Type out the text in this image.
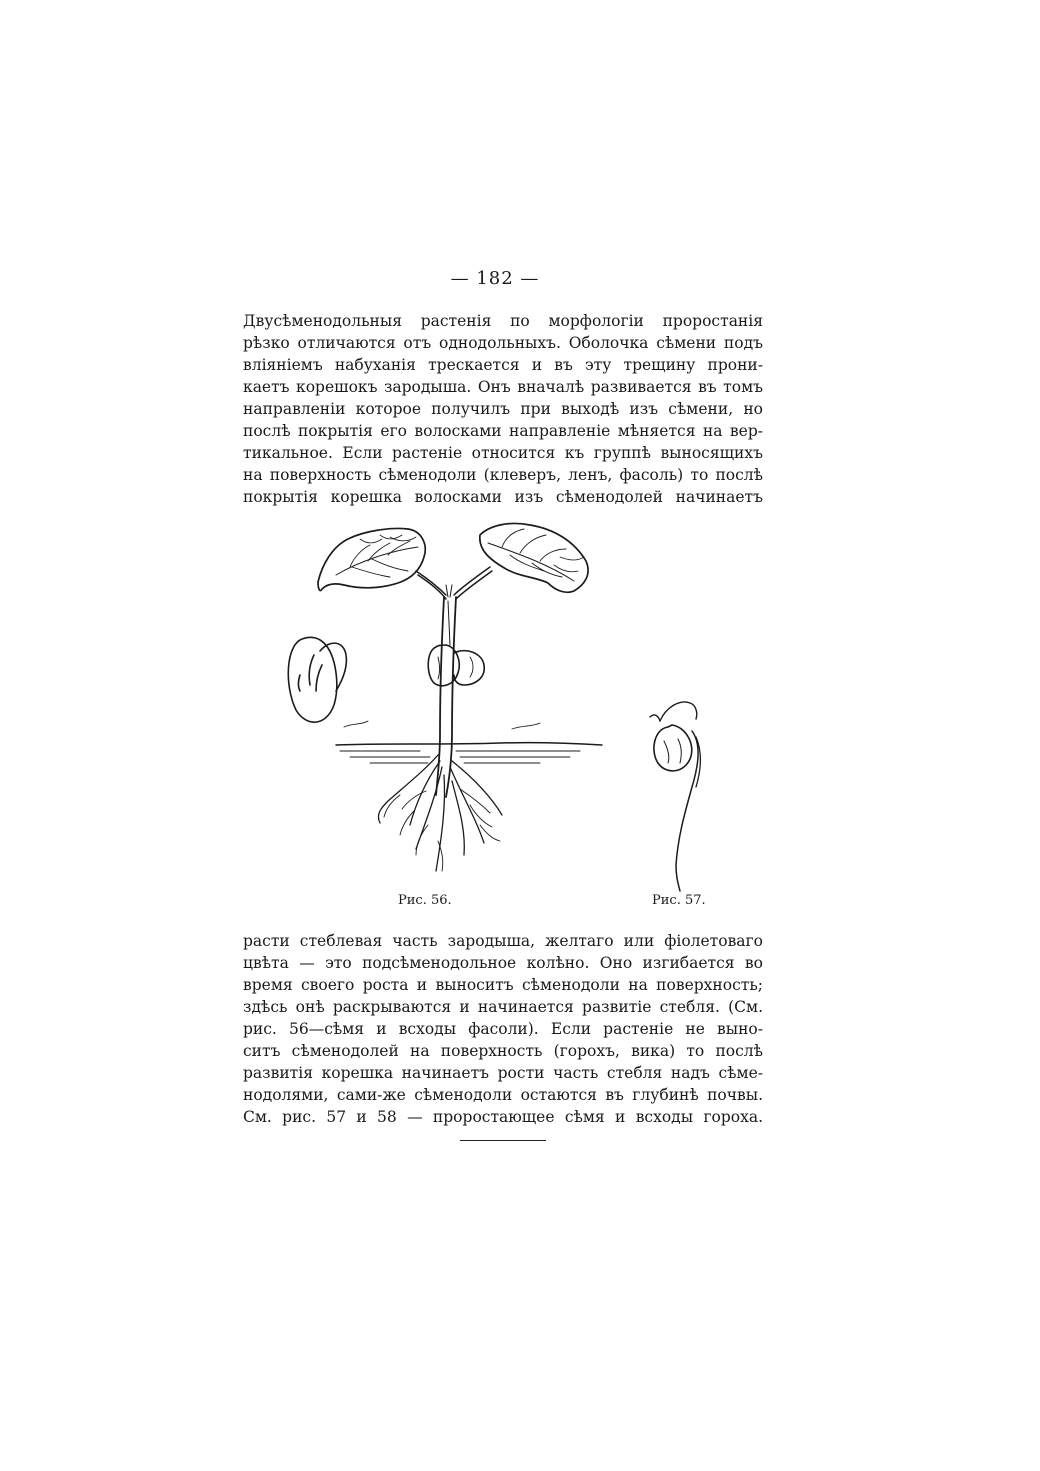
— 182 —
Двусѣменодольныя растенія по морфологіи проростанія
рѣзко отличаются отъ однодольныхъ. Оболочка сѣмени подъ
вліяніемъ набуханія трескается и въ эту трещину прони-
каетъ корешокъ зародыша. Онъ вначалѣ развивается въ томъ
направленіи которое получилъ при выходѣ изъ сѣмени, но
послѣ покрытія его волосками направленіе мѣняется на вер-
тикальное. Если растеніе относится къ группѣ выносящихъ
на поверхность сѣменодоли (клеверъ, ленъ, фасоль) то послѣ
покрытія корешка волосками изъ сѣменодолей начинаетъ
Рис. 56.	Рис. 57.
расти стеблевая часть зародыша, желтаго или фіолетоваго
цвѣта — это подсѣменодольное колѣно. Оно изгибается во
время своего роста и выноситъ сѣменодоли на поверхность;
здѣсь онѣ раскрываются и начинается развитіе стебля. (См.
рис. 56—сѣмя и всходы фасоли). Если растеніе не выно-
ситъ сѣменодолей на поверхность (горохъ, вика) то послѣ
развитія корешка начинаетъ рости часть стебля надъ сѣме-
нодолями, сами-же сѣменодоли остаются въ глубинѣ почвы.
См. рис. 57 и 58 — проростающее сѣмя и всходы гороха.
